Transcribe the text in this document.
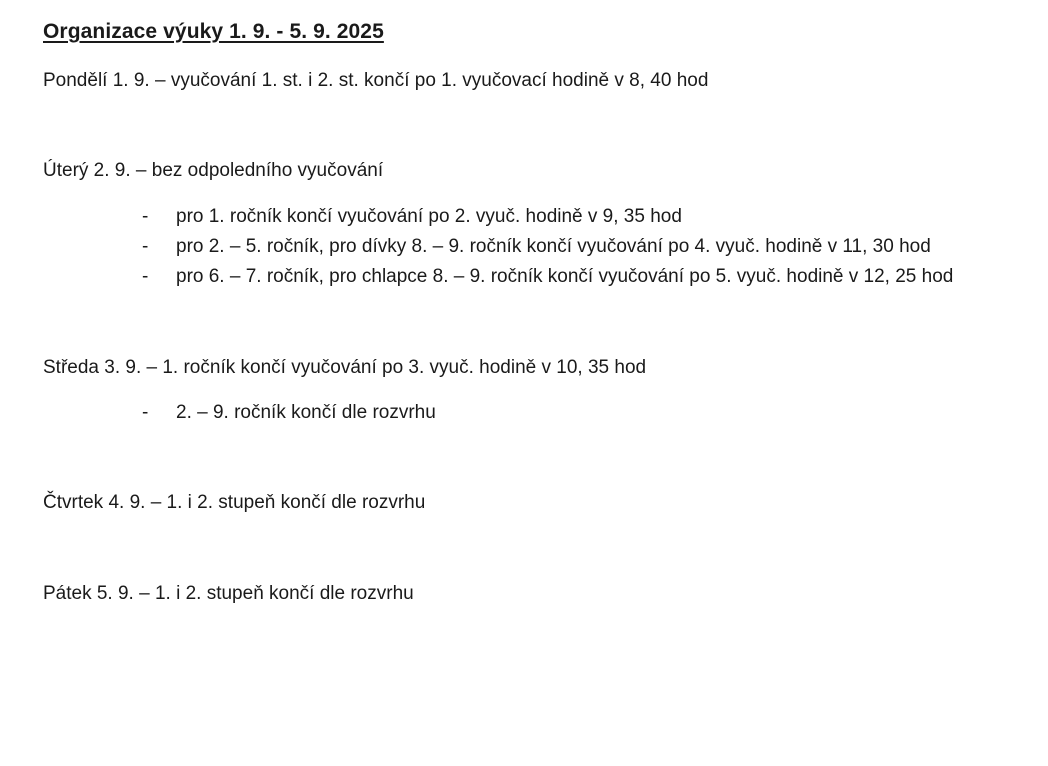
Organizace výuky 1. 9. - 5. 9. 2025
Pondělí 1. 9. – vyučování 1. st. i 2. st. končí po 1. vyučovací hodině v 8, 40 hod
Úterý 2. 9. – bez odpoledního vyučování
- pro 1. ročník končí vyučování po 2. vyuč. hodině v 9, 35 hod
- pro 2. – 5. ročník, pro dívky 8. – 9. ročník končí vyučování po 4. vyuč. hodině v 11, 30 hod
- pro 6. – 7. ročník, pro chlapce 8. – 9. ročník končí vyučování po 5. vyuč. hodině v 12, 25 hod
Středa 3. 9. – 1. ročník končí vyučování po 3. vyuč. hodině v 10, 35 hod
- 2. – 9. ročník končí dle rozvrhu
Čtvrtek 4. 9. – 1. i 2. stupeň končí dle rozvrhu
Pátek 5. 9. – 1. i 2. stupeň končí dle rozvrhu
